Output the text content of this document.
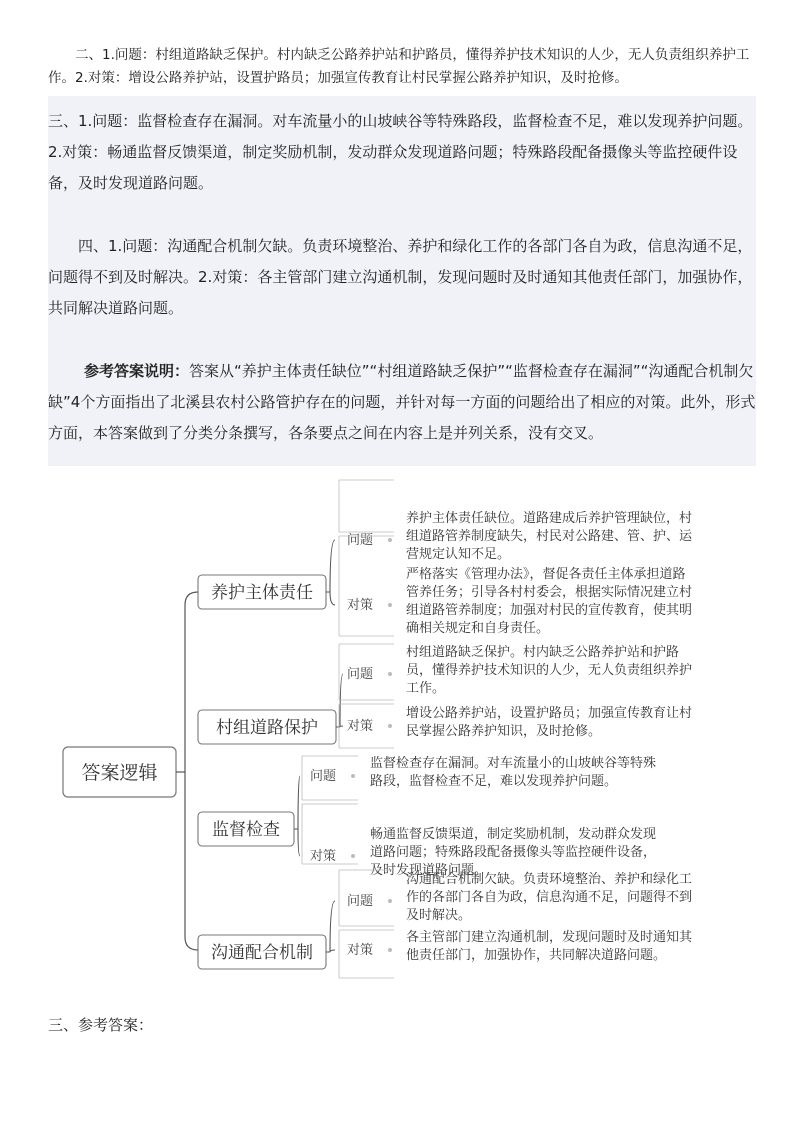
二、1.问题：村组道路缺乏保护。村内缺乏公路养护站和护路员，懂得养护技术知识的人少，无人负责组织养护工作。2.对策：增设公路养护站，设置护路员；加强宣传教育让村民掌握公路养护知识，及时抢修。

三、1.问题：监督检查存在漏洞。对车流量小的山坡峡谷等特殊路段，监督检查不足，难以发现养护问题。2.对策：畅通监督反馈渠道，制定奖励机制，发动群众发现道路问题；特殊路段配备摄像头等监控硬件设备，及时发现道路问题。

四、1.问题：沟通配合机制欠缺。负责环境整治、养护和绿化工作的各部门各自为政，信息沟通不足，问题得不到及时解决。2.对策：各主管部门建立沟通机制，发现问题时及时通知其他责任部门，加强协作，共同解决道路问题。

参考答案说明：答案从“养护主体责任缺位”“村组道路缺乏保护”“监督检查存在漏洞”“沟通配合机制欠缺”4个方面指出了北溪县农村公路管护存在的问题，并针对每一方面的问题给出了相应的对策。此外，形式方面，本答案做到了分类分条撰写，各条要点之间在内容上是并列关系，没有交叉。

答案逻辑
养护主体责任
问题
养护主体责任缺位。道路建成后养护管理缺位，村
组道路管养制度缺失，村民对公路建、管、护、运
营规定认知不足。
对策
严格落实《管理办法》，督促各责任主体承担道路
管养任务；引导各村村委会，根据实际情况建立村
组道路管养制度；加强对村民的宣传教育，使其明
确相关规定和自身责任。
村组道路保护
问题
村组道路缺乏保护。村内缺乏公路养护站和护路
员，懂得养护技术知识的人少，无人负责组织养护
工作。
对策
增设公路养护站，设置护路员；加强宣传教育让村
民掌握公路养护知识，及时抢修。
监督检查
问题
监督检查存在漏洞。对车流量小的山坡峡谷等特殊
路段，监督检查不足，难以发现养护问题。
对策
畅通监督反馈渠道，制定奖励机制，发动群众发现
道路问题；特殊路段配备摄像头等监控硬件设备，
及时发现道路问题。
沟通配合机制
问题
沟通配合机制欠缺。负责环境整治、养护和绿化工
作的各部门各自为政，信息沟通不足，问题得不到
及时解决。
对策
各主管部门建立沟通机制，发现问题时及时通知其
他责任部门，加强协作，共同解决道路问题。
三、参考答案：
